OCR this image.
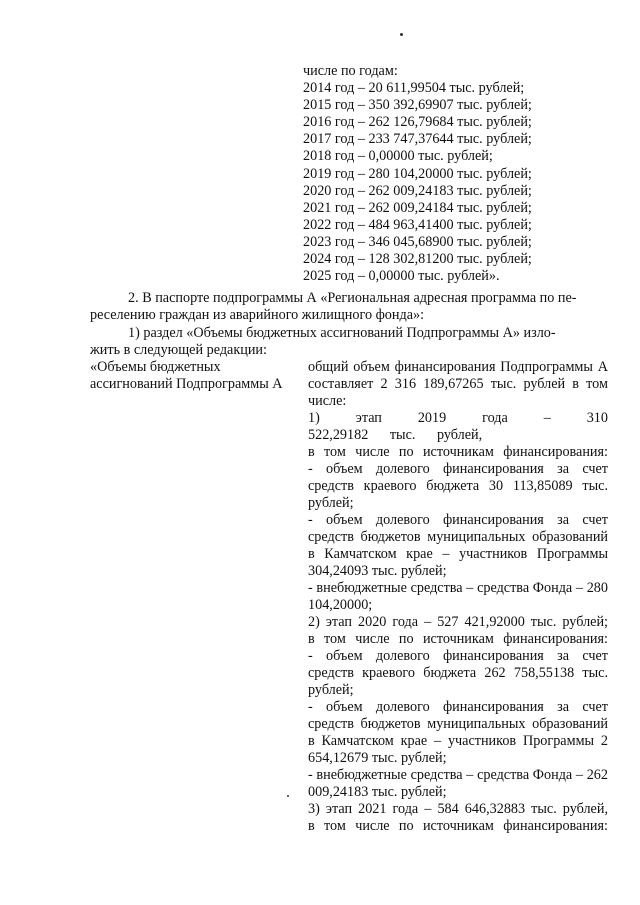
числе по годам:
2014 год – 20 611,99504 тыс. рублей;
2015 год – 350 392,69907 тыс. рублей;
2016 год – 262 126,79684 тыс. рублей;
2017 год – 233 747,37644 тыс. рублей;
2018 год – 0,00000 тыс. рублей;
2019 год – 280 104,20000 тыс. рублей;
2020 год – 262 009,24183 тыс. рублей;
2021 год – 262 009,24184 тыс. рублей;
2022 год – 484 963,41400 тыс. рублей;
2023 год – 346 045,68900 тыс. рублей;
2024 год – 128 302,81200 тыс. рублей;
2025 год – 0,00000 тыс. рублей».
2. В паспорте подпрограммы А «Региональная адресная программа по пе-
реселению граждан из аварийного жилищного фонда»:
1) раздел «Объемы бюджетных ассигнований Подпрограммы А» изло-
жить в следующей редакции:
«Объемы бюджетных
ассигнований Подпрограммы А

общий объем финансирования Подпрограммы А составляет 2 316 189,67265 тыс. рублей в том числе:

1) этап 2019 года – 310 522,29182 тыс. рублей,

в том числе по источникам финансирования:

- объем долевого финансирования за счет средств краевого бюджета 30 113,85089 тыс. рублей;

- объем долевого финансирования за счет средств бюджетов муниципальных образований в Камчатском крае – участников Программы 304,24093 тыс. рублей;

- внебюджетные средства – средства Фонда – 280 104,20000;

2) этап 2020 года – 527 421,92000 тыс. рублей;

в том числе по источникам финансирования:

- объем долевого финансирования за счет средств краевого бюджета 262 758,55138 тыс. рублей;

- объем долевого финансирования за счет средств бюджетов муниципальных образований в Камчатском крае – участников Программы 2 654,12679 тыс. рублей;

- внебюджетные средства – средства Фонда – 262 009,24183 тыс. рублей;

3) этап 2021 года – 584 646,32883 тыс. рублей,

в том числе по источникам финансирования:
